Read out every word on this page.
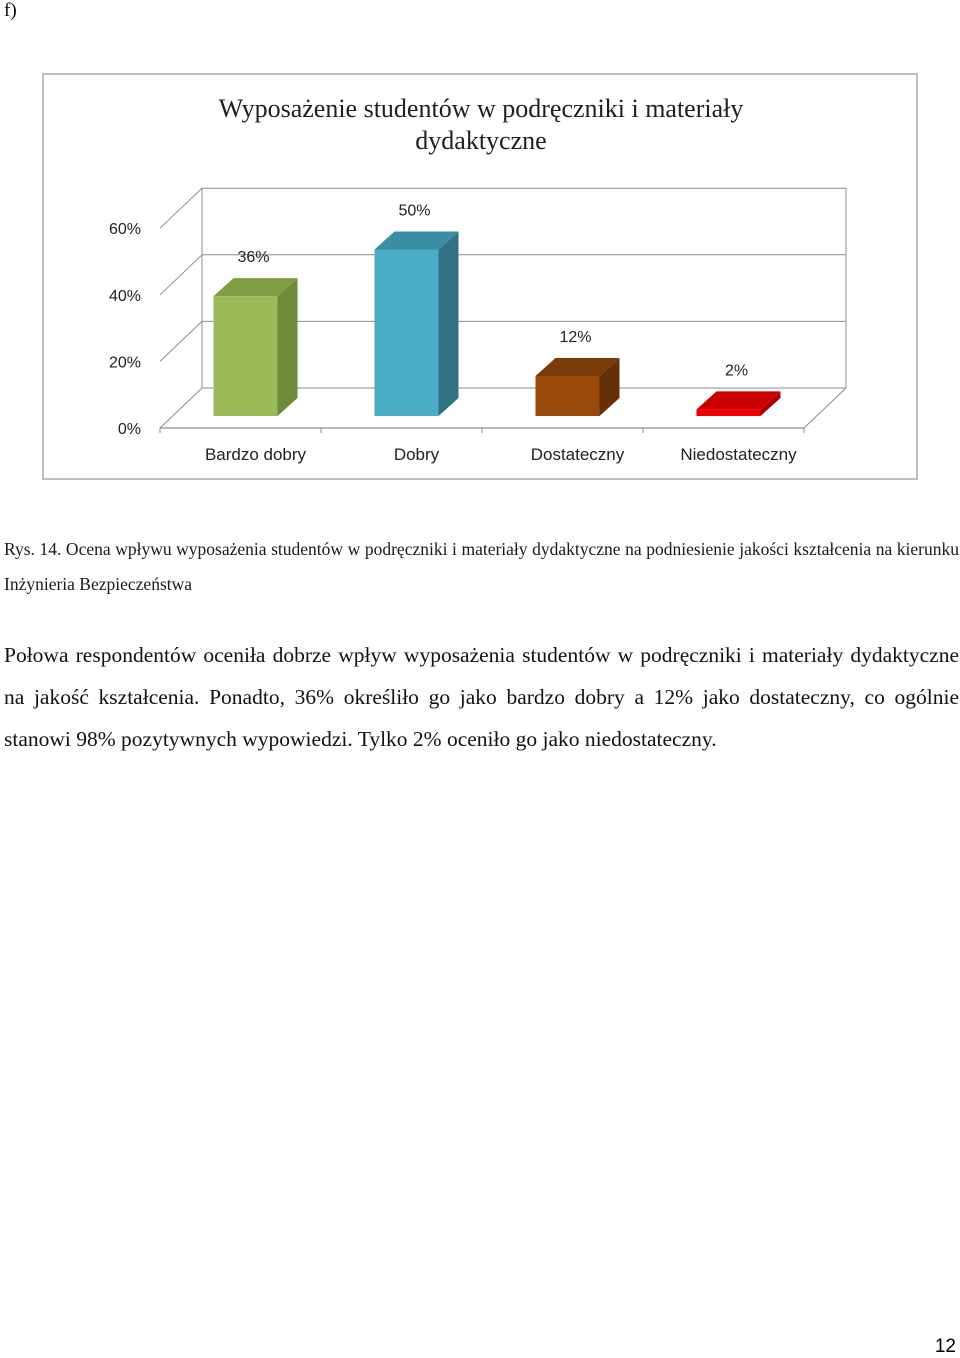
f)
Wyposażenie studentów w podręczniki i materiały
dydaktyczne
0%
20%
40%
60%
36%
50%
12%
2%
Bardzo dobry	Dobry	Dostateczny	Niedostateczny
Rys. 14. Ocena wpływu wyposażenia studentów w podręczniki i materiały dydaktyczne na podniesienie jakości kształcenia na kierunku Inżynieria Bezpieczeństwa
Połowa respondentów oceniła dobrze wpływ wyposażenia studentów w podręczniki i materiały dydaktyczne na jakość kształcenia. Ponadto, 36% określiło go jako bardzo dobry a 12% jako dostateczny, co ogólnie stanowi 98% pozytywnych wypowiedzi. Tylko 2% oceniło go jako niedostateczny.
12
